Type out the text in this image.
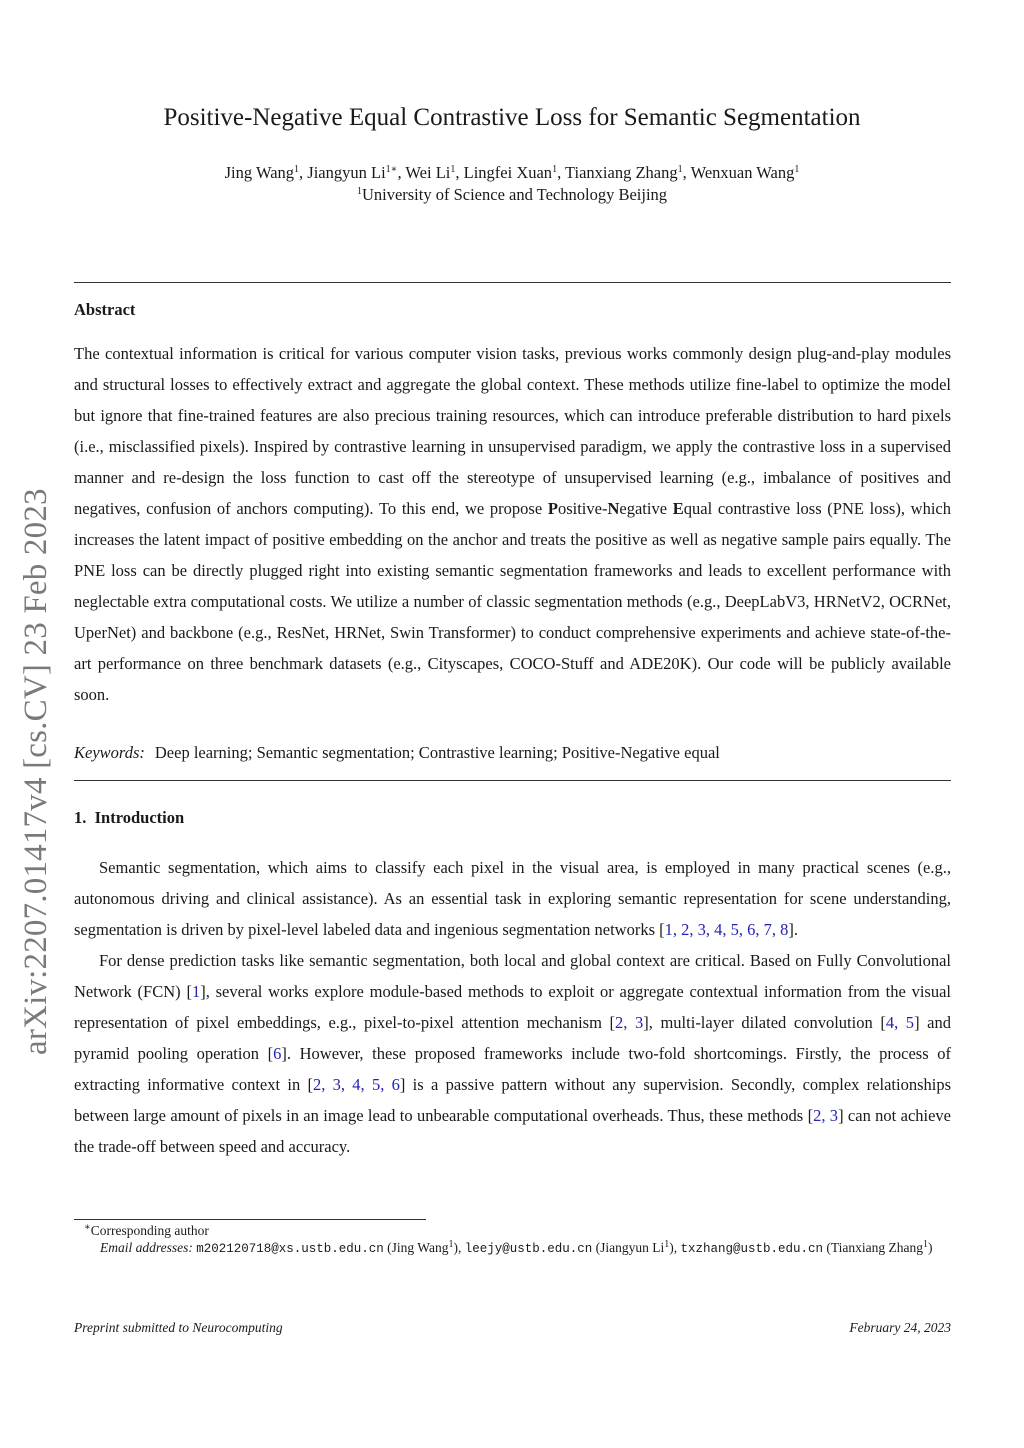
arXiv:2207.01417v4 [cs.CV] 23 Feb 2023
Positive-Negative Equal Contrastive Loss for Semantic Segmentation
Jing Wang$^1$, Jiangyun $Li^{1∗}$, Wei Li$^1$, Lingfei Xuan$^1$, Tianxiang Zhang$^1$, Wenxuan Wang$^1$
$^1$University of Science and Technology Beijing
Abstract

The contextual information is critical for various computer vision tasks, previous works commonly design plug-and-play modules and structural losses to effectively extract and aggregate the global context. These methods utilize fine-label to optimize the model but ignore that fine-trained features are also precious training resources, which can introduce preferable distribution to hard pixels (i.e., misclassified pixels). Inspired by contrastive learning in unsupervised paradigm, we apply the contrastive loss in a supervised manner and re-design the loss function to cast off the stereotype of unsupervised learning (e.g., imbalance of positives and negatives, confusion of anchors computing). To this end, we propose Positive-Negative Equal contrastive loss (PNE loss), which increases the latent impact of positive embedding on the anchor and treats the positive as well as negative sample pairs equally. The PNE loss can be directly plugged right into existing semantic segmentation frameworks and leads to excellent performance with neglectable extra computational costs. We utilize a number of classic segmentation methods (e.g., DeepLabV3, HRNetV2, OCRNet, UperNet) and backbone (e.g., ResNet, HRNet, Swin Transformer) to conduct comprehensive experiments and achieve state-of-the-art performance on three benchmark datasets (e.g., Cityscapes, COCO-Stuff and ADE20K). Our code will be publicly available soon.

Keywords: Deep learning; Semantic segmentation; Contrastive learning; Positive-Negative equal
1. Introduction

Semantic segmentation, which aims to classify each pixel in the visual area, is employed in many practical scenes (e.g., autonomous driving and clinical assistance). As an essential task in exploring semantic representation for scene understanding, segmentation is driven by pixel-level labeled data and ingenious segmentation networks [1, 2, 3, 4, 5, 6, 7, 8].

For dense prediction tasks like semantic segmentation, both local and global context are critical. Based on Fully Convolutional Network (FCN) [1], several works explore module-based methods to exploit or aggregate contextual information from the visual representation of pixel embeddings, e.g., pixel-to-pixel attention mechanism [2, 3], multi-layer dilated convolution [4, 5] and pyramid pooling operation [6]. However, these proposed frameworks include two-fold shortcomings. Firstly, the process of extracting informative context in [2, 3, 4, 5, 6] is a passive pattern without any supervision. Secondly, complex relationships between large amount of pixels in an image lead to unbearable computational overheads. Thus, these methods [2, 3] can not achieve the trade-off between speed and accuracy.

∗Corresponding author
Email addresses: m202120718@xs.ustb.edu.cn (Jing Wang$^1$), leejy@ustb.edu.cn (Jiangyun Li$^1$), txzhang@ustb.edu.cn (Tianxiang Zhang$^1$)
Preprint submitted to Neurocomputing	February 24, 2023
